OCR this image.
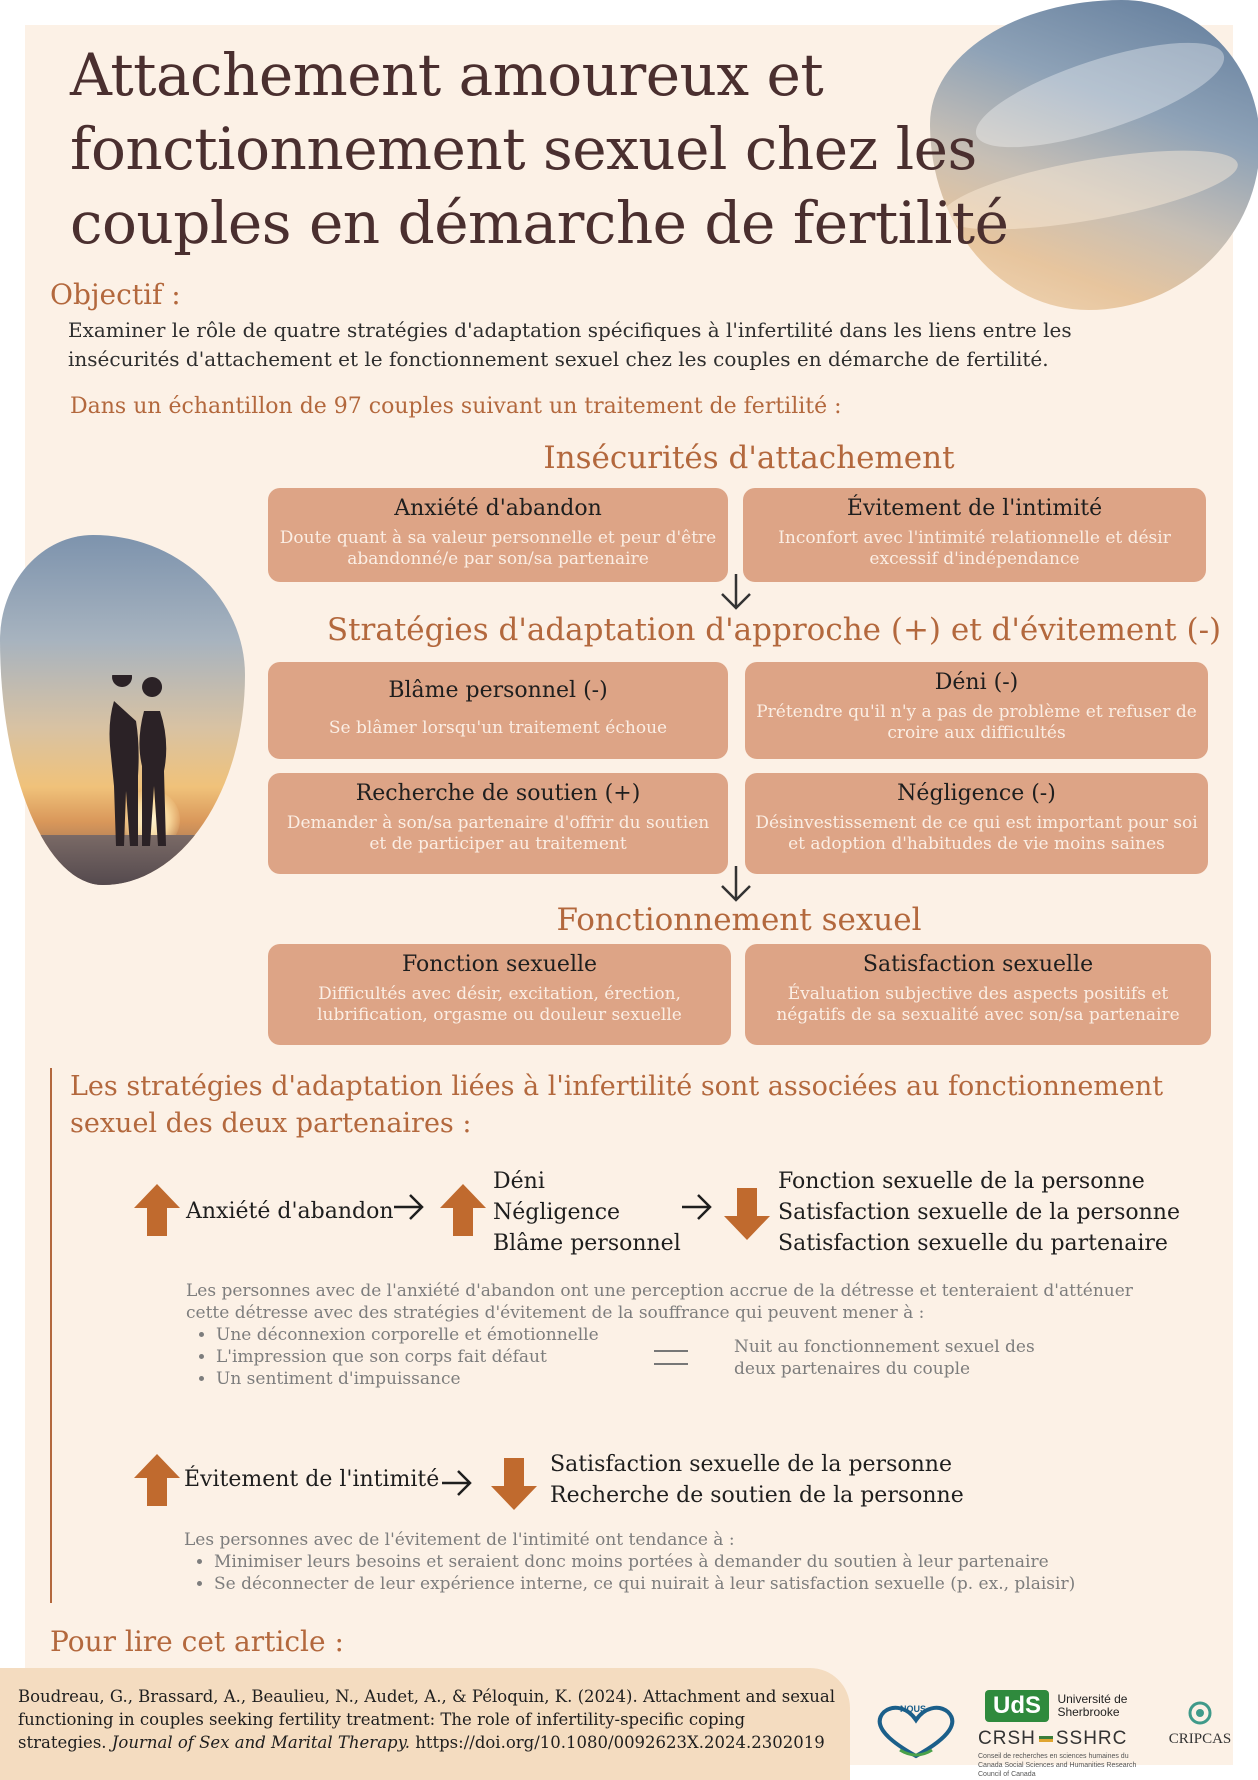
Attachement amoureux et
fonctionnement sexuel chez les
couples en démarche de fertilité
Objectif :

Examiner le rôle de quatre stratégies d'adaptation spécifiques à l'infertilité dans les liens entre les insécurités d'attachement et le fonctionnement sexuel chez les couples en démarche de fertilité.

Dans un échantillon de 97 couples suivant un traitement de fertilité :

Insécurités d'attachement
Anxiété d'abandon
Doute quant à sa valeur personnelle et peur d'être abandonné/e par son/sa partenaire
Évitement de l'intimité
Inconfort avec l'intimité relationnelle et désir excessif d'indépendance
Stratégies d'adaptation d'approche (+) et d'évitement (-)
Blâme personnel (-)
Se blâmer lorsqu'un traitement échoue
Déni (-)
Prétendre qu'il n'y a pas de problème et refuser de croire aux difficultés
Recherche de soutien (+)
Demander à son/sa partenaire d'offrir du soutien et de participer au traitement
Négligence (-)
Désinvestissement de ce qui est important pour soi et adoption d'habitudes de vie moins saines
Fonctionnement sexuel
Fonction sexuelle
Difficultés avec désir, excitation, érection, lubrification, orgasme ou douleur sexuelle
Satisfaction sexuelle
Évaluation subjective des aspects positifs et négatifs de sa sexualité avec son/sa partenaire
Les stratégies d'adaptation liées à l'infertilité sont associées au fonctionnement sexuel des deux partenaires :

Anxiété d'abandon

Déni
Négligence
Blâme personnel

Fonction sexuelle de la personne
Satisfaction sexuelle de la personne
Satisfaction sexuelle du partenaire

Les personnes avec de l'anxiété d'abandon ont une perception accrue de la détresse et tenteraient d'atténuer cette détresse avec des stratégies d'évitement de la souffrance qui peuvent mener à :
• Une déconnexion corporelle et émotionnelle
• L'impression que son corps fait défaut
• Un sentiment d'impuissance

Nuit au fonctionnement sexuel des deux partenaires du couple

Évitement de l'intimité

Satisfaction sexuelle de la personne
Recherche de soutien de la personne

Les personnes avec de l'évitement de l'intimité ont tendance à :
• Minimiser leurs besoins et seraient donc moins portées à demander du soutien à leur partenaire
• Se déconnecter de leur expérience interne, ce qui nuirait à leur satisfaction sexuelle (p. ex., plaisir)
Pour lire cet article :

Boudreau, G., Brassard, A., Beaulieu, N., Audet, A., & Péloquin, K. (2024). Attachment and sexual functioning in couples seeking fertility treatment: The role of infertility-specific coping strategies. Journal of Sex and Marital Therapy. https://doi.org/10.1080/0092623X.2024.2302019

NOUS	UdS Université de
Sherbrooke
CRSH SSHRC
Conseil de recherches en sciences humaines du Canada Social Sciences and Humanities Research Council of Canada
CRIPCAS
